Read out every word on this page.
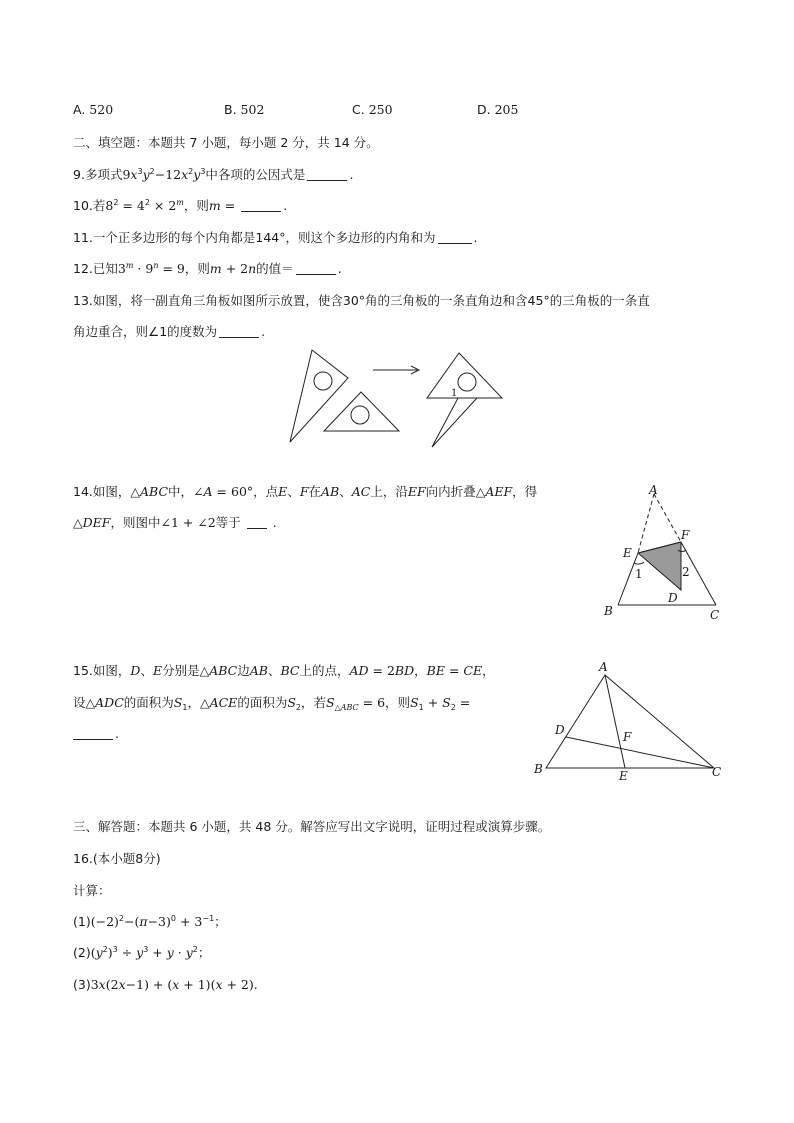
A. 520	B. 502	C. 250	D. 205
二、填空题：本题共 7 小题，每小题 2 分，共 14 分。
9.多项式$9x^3y^2-12x^2y^3$中各项的公因式是	.
10.若$8^2 = 4^2 \times 2^m$，则m =	.
11.一个正多边形的每个内角都是144°，则这个多边形的内角和为	.
12.已知$3^m \cdot 9^n = 9$，则m + 2n的值＝	.
13.如图，将一副直角三角板如图所示放置，使含30°角的三角板的一条直角边和含45°的三角板的一条直
角边重合，则∠1的度数为	.
1
14.如图，△ABC中，∠A = 60°，点E、F在AB、AC上，沿EF向内折叠△AEF，得
△DEF，则图中∠1 + ∠2等于	.
A
E
F
1	2
D
B	C
15.如图，D、E分别是△ABC边AB、BC上的点，AD = 2BD，BE = CE，
设△ADC的面积为$S_1$，△ACE的面积为$S_2$，若$S_{\triangle ABC} = 6$，则$S_1 + S_2$ =
.
A
D	F
B	E	C
三、解答题：本题共 6 小题，共 48 分。解答应写出文字说明，证明过程或演算步骤。
16.(本小题8分)
计算：
$(1)(-2)^2-(\pi-3)^0 + 3^{-1}$；
$(2)(y^2)^3 \div y^3 + y \cdot y^2$；
(3)3x(2x−1) + (x + 1)(x + 2).
